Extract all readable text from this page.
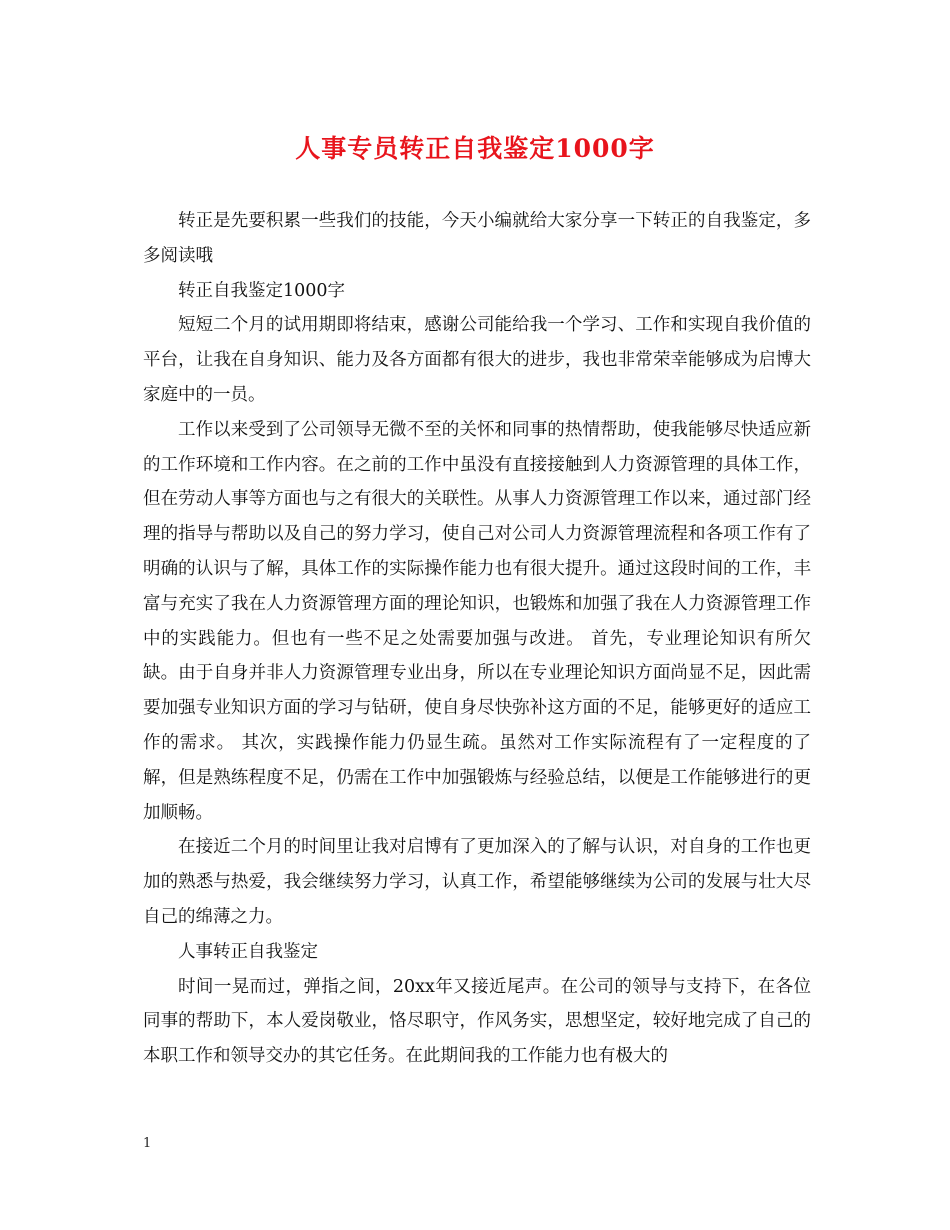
人事专员转正自我鉴定1000字

转正是先要积累一些我们的技能，今天小编就给大家分享一下转正的自我鉴定，多多阅读哦

转正自我鉴定1000字

短短二个月的试用期即将结束，感谢公司能给我一个学习、工作和实现自我价值的平台，让我在自身知识、能力及各方面都有很大的进步，我也非常荣幸能够成为启博大家庭中的一员。

工作以来受到了公司领导无微不至的关怀和同事的热情帮助，使我能够尽快适应新的工作环境和工作内容。在之前的工作中虽没有直接接触到人力资源管理的具体工作，但在劳动人事等方面也与之有很大的关联性。从事人力资源管理工作以来，通过部门经理的指导与帮助以及自己的努力学习，使自己对公司人力资源管理流程和各项工作有了明确的认识与了解，具体工作的实际操作能力也有很大提升。通过这段时间的工作，丰富与充实了我在人力资源管理方面的理论知识，也锻炼和加强了我在人力资源管理工作中的实践能力。但也有一些不足之处需要加强与改进。 首先，专业理论知识有所欠缺。由于自身并非人力资源管理专业出身，所以在专业理论知识方面尚显不足，因此需要加强专业知识方面的学习与钻研，使自身尽快弥补这方面的不足，能够更好的适应工作的需求。 其次，实践操作能力仍显生疏。虽然对工作实际流程有了一定程度的了解，但是熟练程度不足，仍需在工作中加强锻炼与经验总结，以便是工作能够进行的更加顺畅。

在接近二个月的时间里让我对启博有了更加深入的了解与认识，对自身的工作也更加的熟悉与热爱，我会继续努力学习，认真工作，希望能够继续为公司的发展与壮大尽自己的绵薄之力。

人事转正自我鉴定

时间一晃而过，弹指之间，20xx年又接近尾声。在公司的领导与支持下，在各位同事的帮助下，本人爱岗敬业，恪尽职守，作风务实，思想坚定，较好地完成了自己的本职工作和领导交办的其它任务。在此期间我的工作能力也有极大的

1
